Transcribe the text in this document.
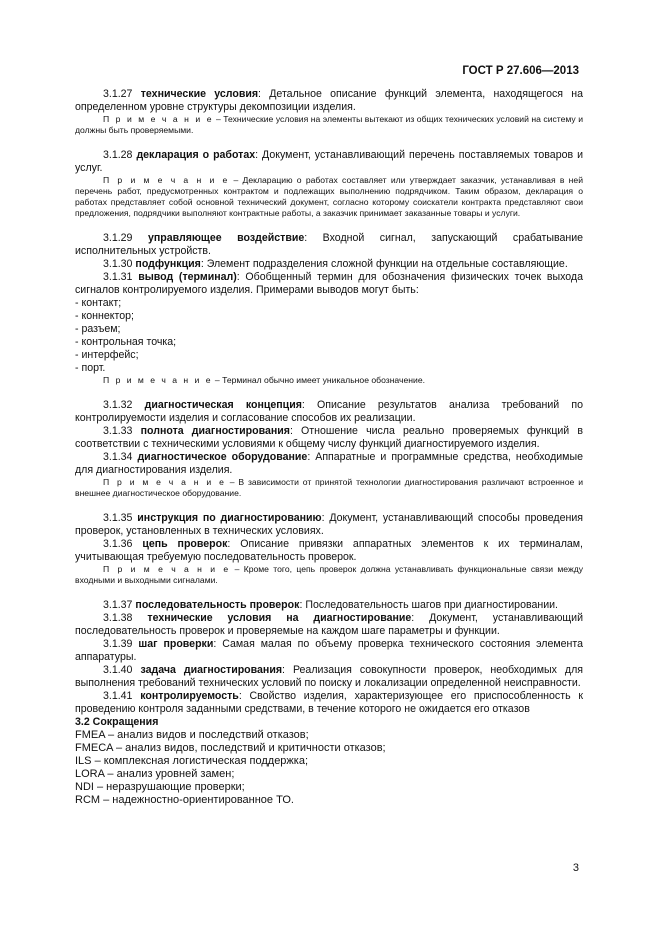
ГОСТ Р 27.606—2013

3.1.27 технические условия: Детальное описание функций элемента, находящегося на определенном уровне структуры декомпозиции изделия.

П р и м е ч а н и е – Технические условия на элементы вытекают из общих технических условий на систему и должны быть проверяемыми.

3.1.28 декларация о работах: Документ, устанавливающий перечень поставляемых товаров и услуг.

П р и м е ч а н и е – Декларацию о работах составляет или утверждает заказчик, устанавливая в ней перечень работ, предусмотренных контрактом и подлежащих выполнению подрядчиком. Таким образом, декларация о работах представляет собой основной технический документ, согласно которому соискатели контракта представляют свои предложения, подрядчики выполняют контрактные работы, а заказчик принимает заказанные товары и услуги.

3.1.29 управляющее воздействие: Входной сигнал, запускающий срабатывание исполнительных устройств.

3.1.30 подфункция: Элемент подразделения сложной функции на отдельные составляющие.

3.1.31 вывод (терминал): Обобщенный термин для обозначения физических точек выхода сигналов контролируемого изделия. Примерами выводов могут быть:

- контакт;
- коннектор;
- разъем;
- контрольная точка;
- интерфейс;
- порт.

П р и м е ч а н и е – Терминал обычно имеет уникальное обозначение.

3.1.32 диагностическая концепция: Описание результатов анализа требований по контролируемости изделия и согласование способов их реализации.

3.1.33 полнота диагностирования: Отношение числа реально проверяемых функций в соответствии с техническими условиями к общему числу функций диагностируемого изделия.

3.1.34 диагностическое оборудование: Аппаратные и программные средства, необходимые для диагностирования изделия.

П р и м е ч а н и е – В зависимости от принятой технологии диагностирования различают встроенное и внешнее диагностическое оборудование.

3.1.35 инструкция по диагностированию: Документ, устанавливающий способы проведения проверок, установленных в технических условиях.

3.1.36 цепь проверок: Описание привязки аппаратных элементов к их терминалам, учитывающая требуемую последовательность проверок.

П р и м е ч а н и е – Кроме того, цепь проверок должна устанавливать функциональные связи между входными и выходными сигналами.

3.1.37 последовательность проверок: Последовательность шагов при диагностировании.

3.1.38 технические условия на диагностирование: Документ, устанавливающий последовательность проверок и проверяемые на каждом шаге параметры и функции.

3.1.39 шаг проверки: Самая малая по объему проверка технического состояния элемента аппаратуры.

3.1.40 задача диагностирования: Реализация совокупности проверок, необходимых для выполнения требований технических условий по поиску и локализации определенной неисправности.

3.1.41 контролируемость: Свойство изделия, характеризующее его приспособленность к проведению контроля заданными средствами, в течение которого не ожидается его отказов

3.2 Сокращения

FMEA – анализ видов и последствий отказов;

FMECA – анализ видов, последствий и критичности отказов;

ILS – комплексная логистическая поддержка;

LORA – анализ уровней замен;

NDI – неразрушающие проверки;

RCM – надежностно-ориентированное ТО.

3
